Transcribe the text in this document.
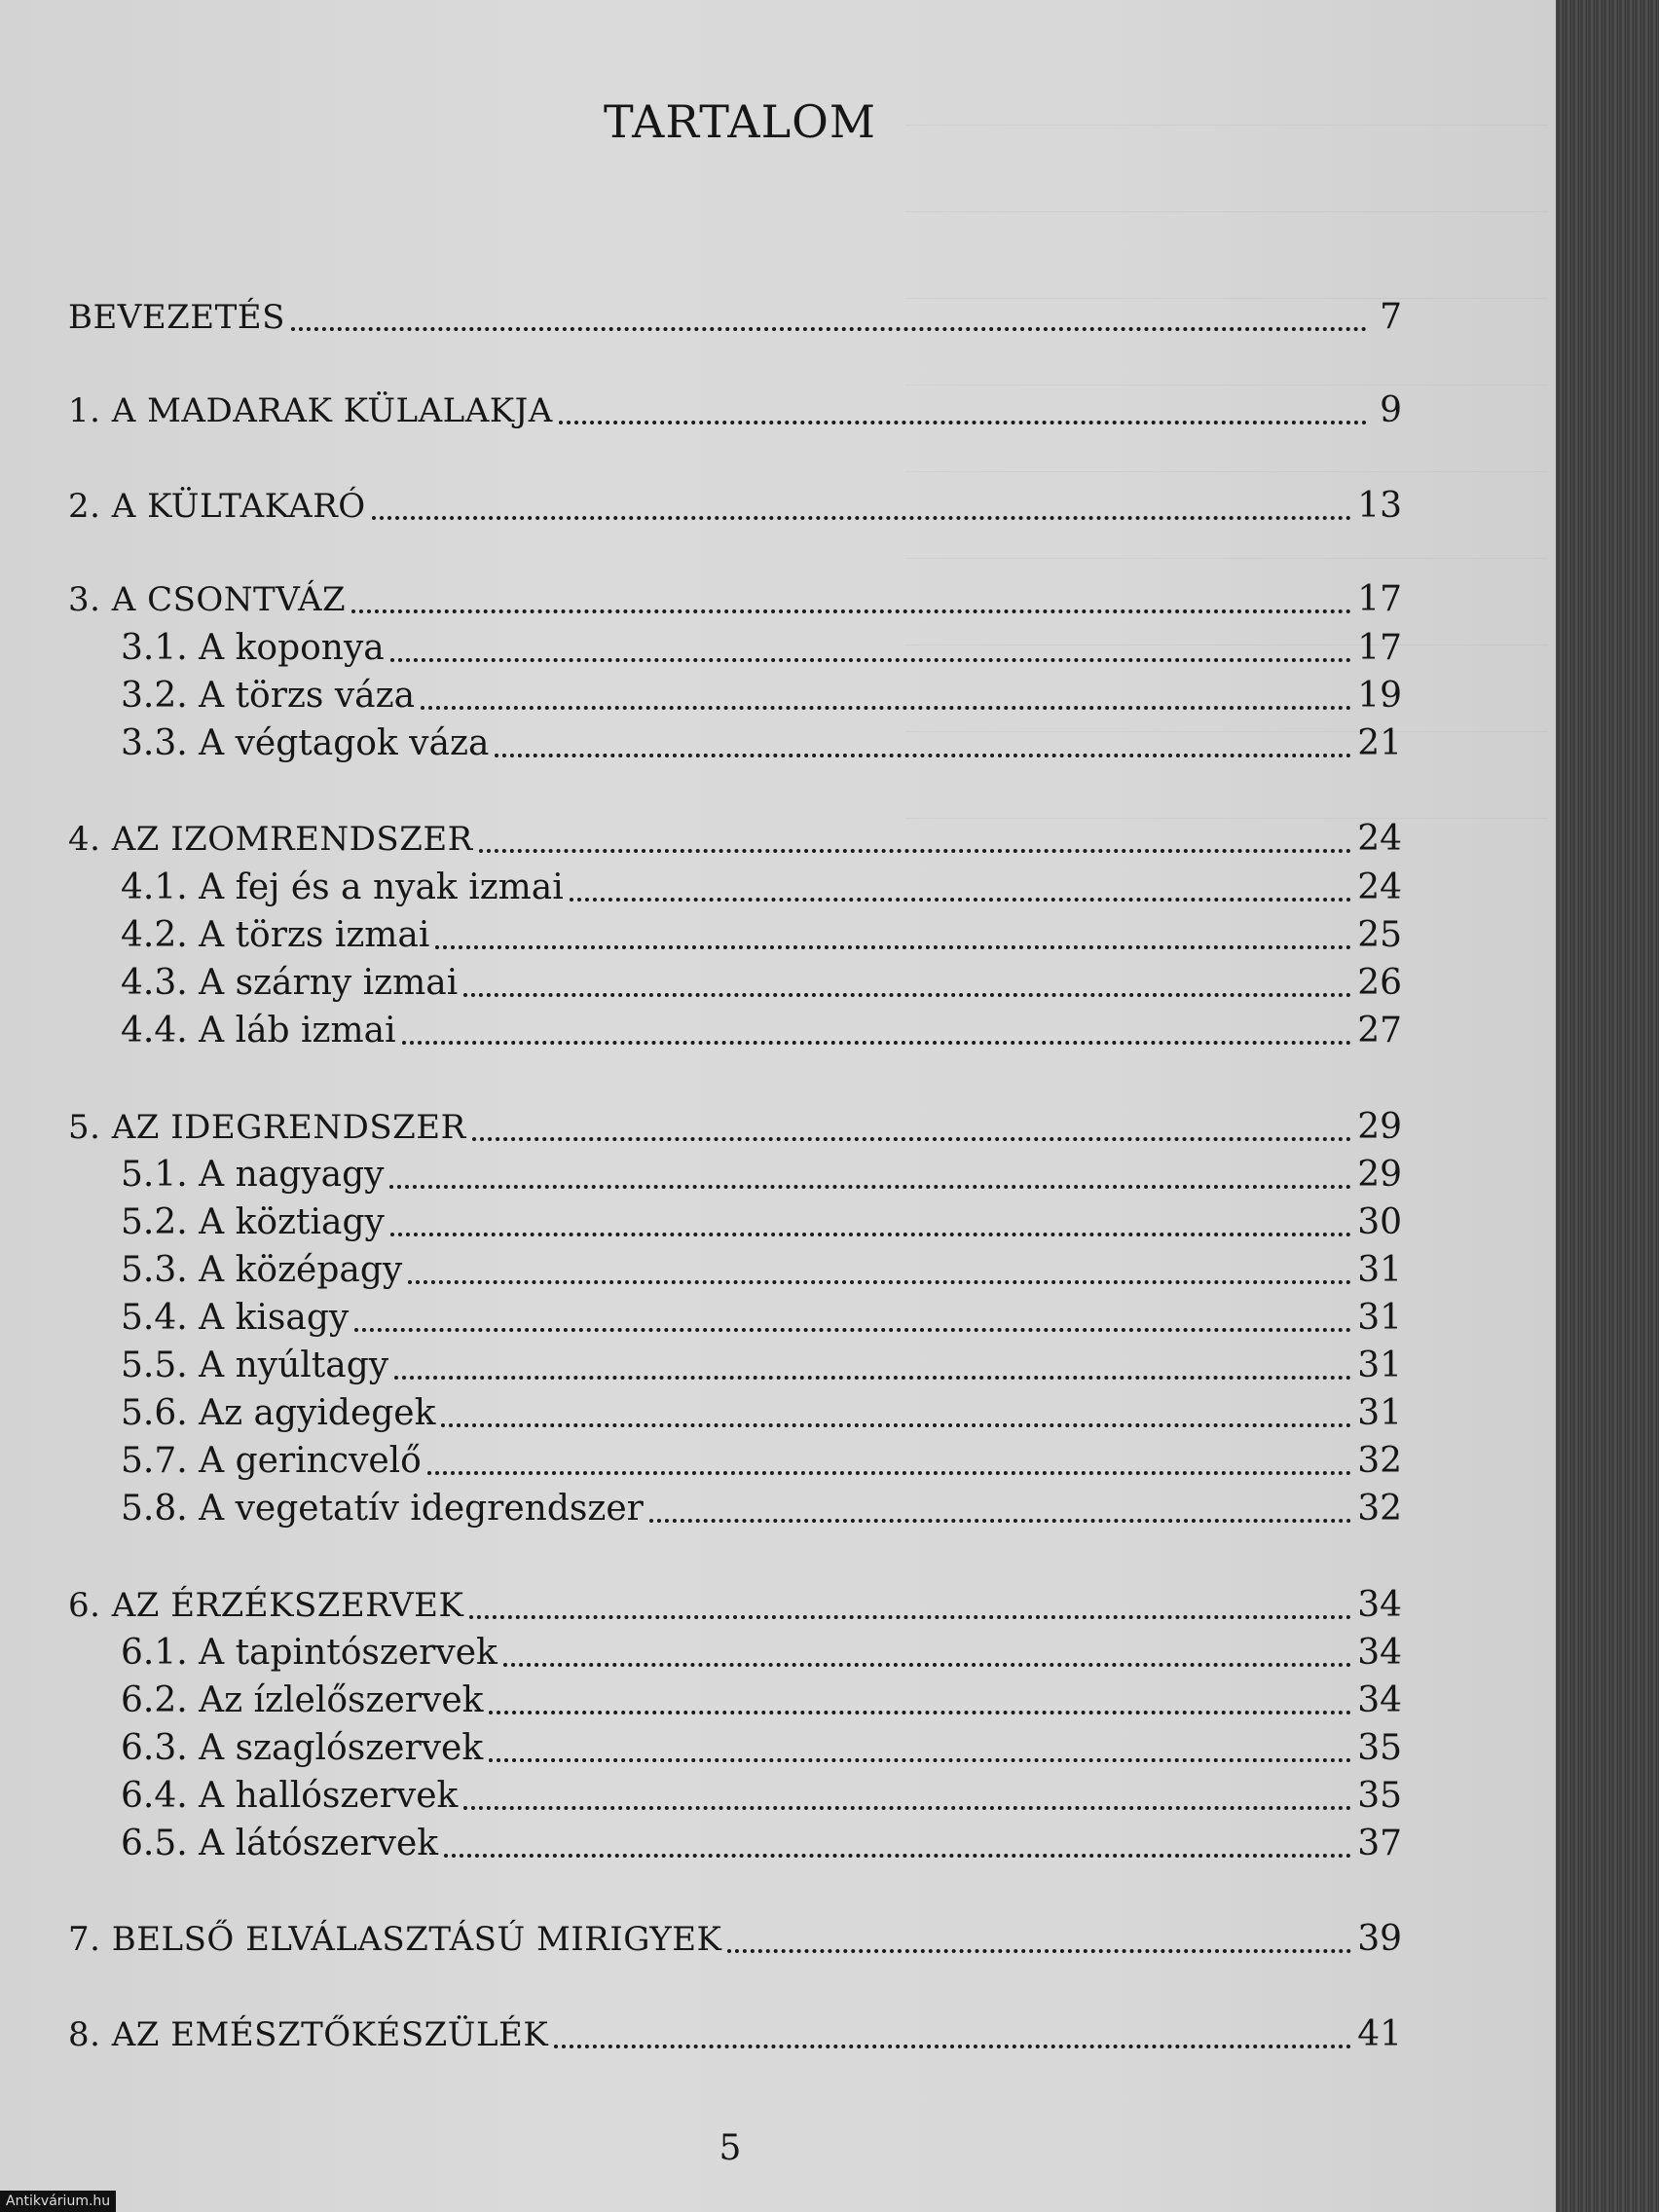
TARTALOM
BEVEZETÉS	7
1. A MADARAK KÜLALAKJA	9
2. A KÜLTAKARÓ	13
3. A CSONTVÁZ	17
3.1. A koponya	17
3.2. A törzs váza	19
3.3. A végtagok váza	21
4. AZ IZOMRENDSZER	24
4.1. A fej és a nyak izmai	24
4.2. A törzs izmai	25
4.3. A szárny izmai	26
4.4. A láb izmai	27
5. AZ IDEGRENDSZER	29
5.1. A nagyagy	29
5.2. A köztiagy	30
5.3. A középagy	31
5.4. A kisagy	31
5.5. A nyúltagy	31
5.6. Az agyidegek	31
5.7. A gerincvelő	32
5.8. A vegetatív idegrendszer	32
6. AZ ÉRZÉKSZERVEK	34
6.1. A tapintószervek	34
6.2. Az ízlelőszervek	34
6.3. A szaglószervek	35
6.4. A hallószervek	35
6.5. A látószervek	37
7. BELSŐ ELVÁLASZTÁSÚ MIRIGYEK	39
8. AZ EMÉSZTŐKÉSZÜLÉK	41
5
Antikvárium.hu
